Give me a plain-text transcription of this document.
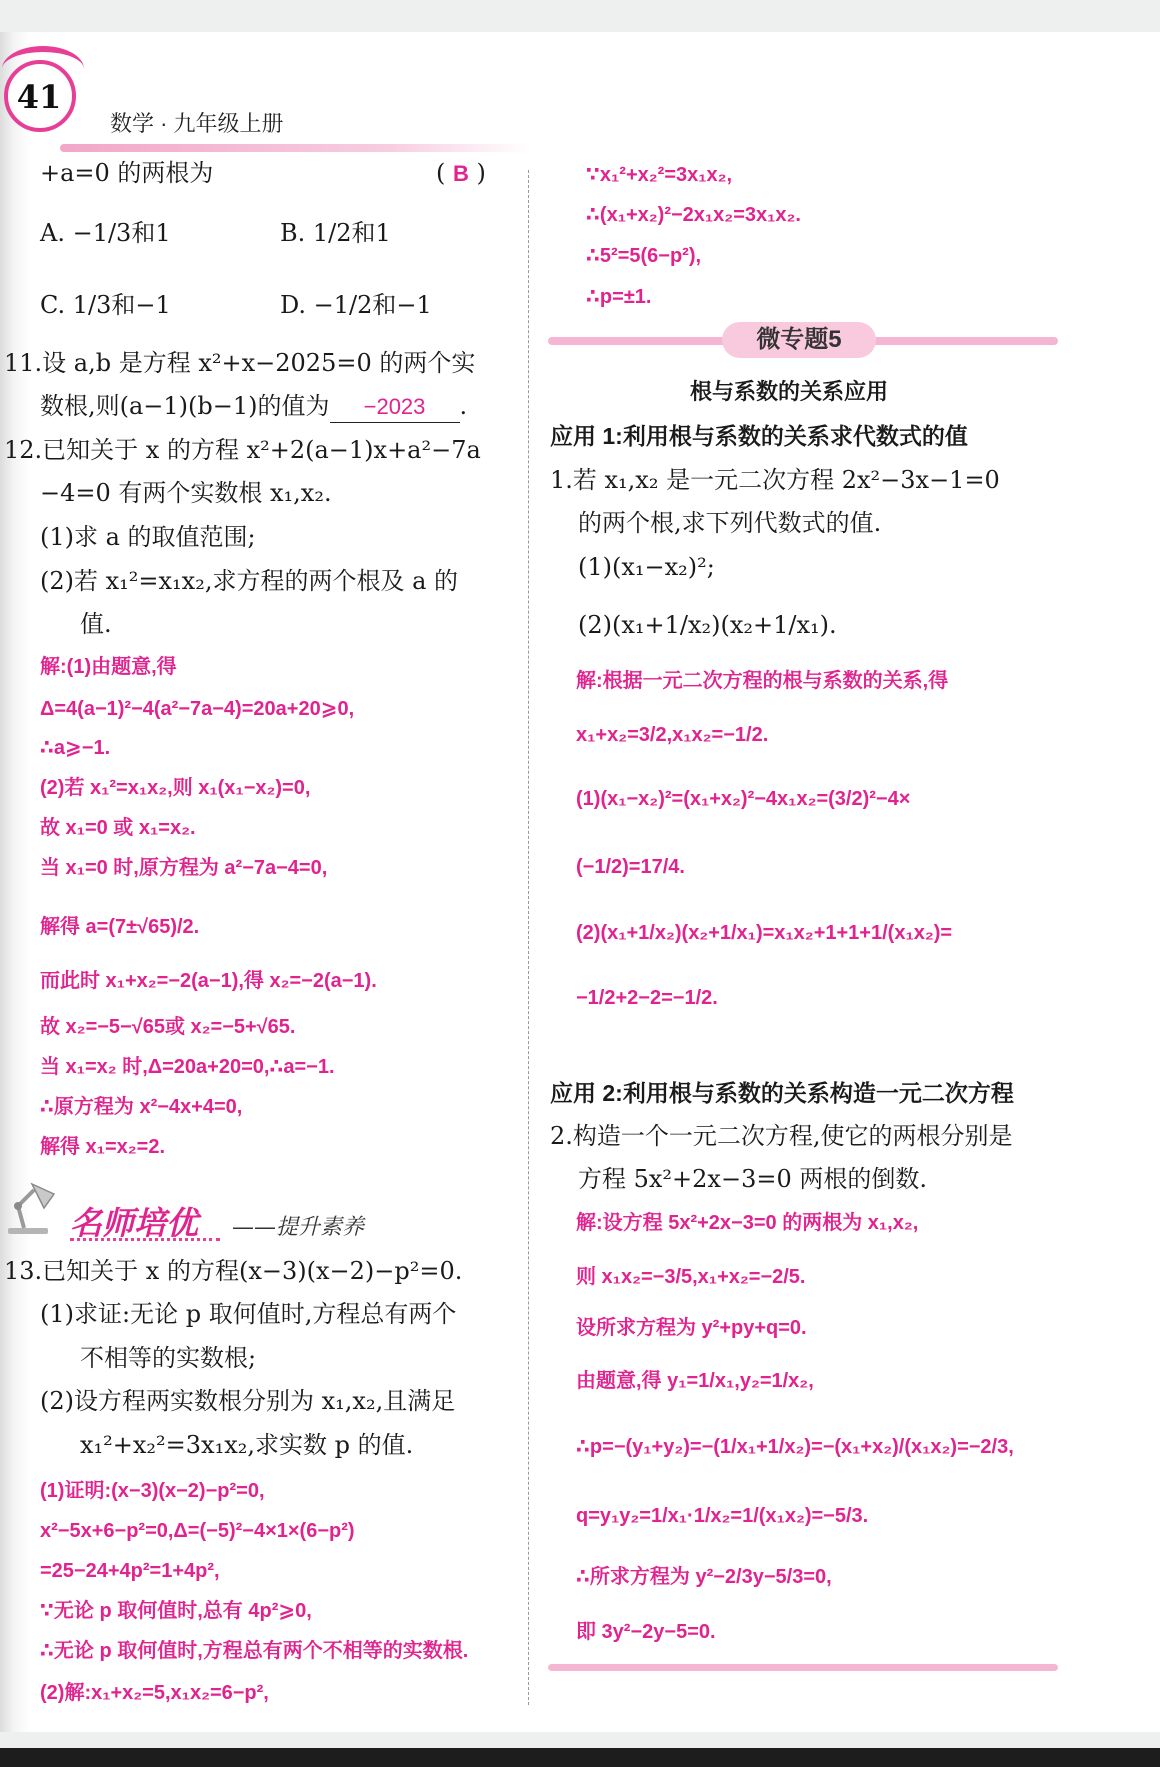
41
数学 · 九年级上册
+a=0 的两根为	( B )
A. −1/3和1	B. 1/2和1
C. 1/3和−1	D. −1/2和−1
11.设 a,b 是方程 x²+x−2025=0 的两个实
数根,则(a−1)(b−1)的值为 −2023 .
12.已知关于 x 的方程 x²+2(a−1)x+a²−7a
−4=0 有两个实数根 x₁,x₂.
(1)求 a 的取值范围;
(2)若 x₁²=x₁x₂,求方程的两个根及 a 的
值.
解:(1)由题意,得
Δ=4(a−1)²−4(a²−7a−4)=20a+20⩾0,
∴a⩾−1.
(2)若 x₁²=x₁x₂,则 x₁(x₁−x₂)=0,
故 x₁=0 或 x₁=x₂.
当 x₁=0 时,原方程为 a²−7a−4=0,
解得 a=(7±√65)/2.
而此时 x₁+x₂=−2(a−1),得 x₂=−2(a−1).
故 x₂=−5−√65或 x₂=−5+√65.
当 x₁=x₂ 时,Δ=20a+20=0,∴a=−1.
∴原方程为 x²−4x+4=0,
解得 x₁=x₂=2.
名师培优 ——提升素养
13.已知关于 x 的方程(x−3)(x−2)−p²=0.
(1)求证:无论 p 取何值时,方程总有两个
不相等的实数根;
(2)设方程两实数根分别为 x₁,x₂,且满足
x₁²+x₂²=3x₁x₂,求实数 p 的值.
(1)证明:(x−3)(x−2)−p²=0,
x²−5x+6−p²=0,Δ=(−5)²−4×1×(6−p²)
=25−24+4p²=1+4p²,
∵无论 p 取何值时,总有 4p²⩾0,
∴无论 p 取何值时,方程总有两个不相等的实数根.
(2)解:x₁+x₂=5,x₁x₂=6−p²,
∵x₁²+x₂²=3x₁x₂,
∴(x₁+x₂)²−2x₁x₂=3x₁x₂.
∴5²=5(6−p²),
∴p=±1.
微专题5
根与系数的关系应用
应用 1:利用根与系数的关系求代数式的值
1.若 x₁,x₂ 是一元二次方程 2x²−3x−1=0
的两个根,求下列代数式的值.
(1)(x₁−x₂)²;
(2)(x₁+1/x₂)(x₂+1/x₁).
解:根据一元二次方程的根与系数的关系,得
x₁+x₂=3/2,x₁x₂=−1/2.
(1)(x₁−x₂)²=(x₁+x₂)²−4x₁x₂=(3/2)²−4×
(−1/2)=17/4.
(2)(x₁+1/x₂)(x₂+1/x₁)=x₁x₂+1+1+1/(x₁x₂)=
−1/2+2−2=−1/2.
应用 2:利用根与系数的关系构造一元二次方程
2.构造一个一元二次方程,使它的两根分别是
方程 5x²+2x−3=0 两根的倒数.
解:设方程 5x²+2x−3=0 的两根为 x₁,x₂,
则 x₁x₂=−3/5,x₁+x₂=−2/5.
设所求方程为 y²+py+q=0.
由题意,得 y₁=1/x₁,y₂=1/x₂,
∴p=−(y₁+y₂)=−(1/x₁+1/x₂)=−(x₁+x₂)/(x₁x₂)=−2/3,
q=y₁y₂=1/x₁·1/x₂=1/(x₁x₂)=−5/3.
∴所求方程为 y²−2/3y−5/3=0,
即 3y²−2y−5=0.
